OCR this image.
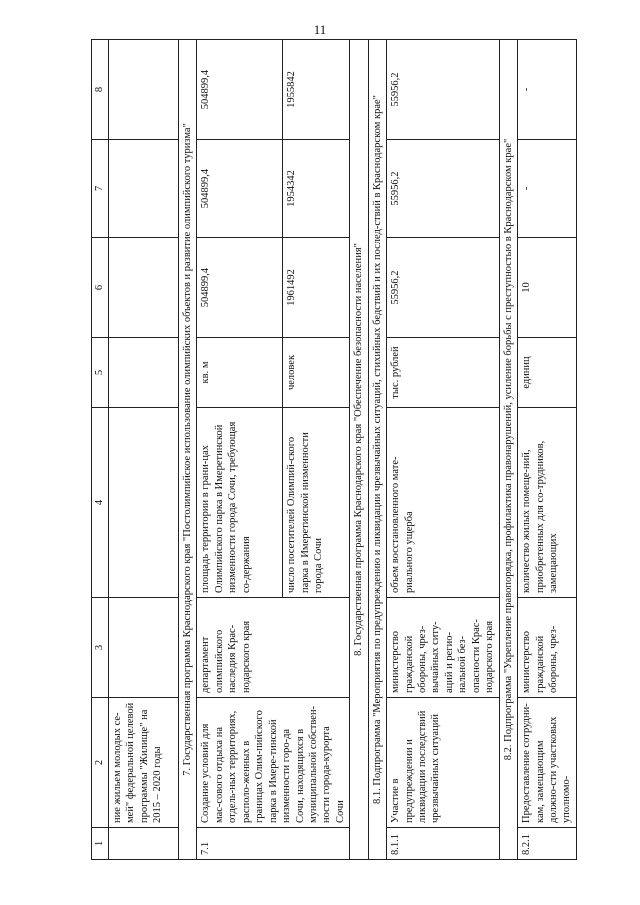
11
1	2	3	4	5	6	7	8
	ние жильем молодых се-мей" федеральной целевой программы "Жилище" на 2015 – 2020 годы						
7. Государственная программа Краснодарского края "Постолимпийское использование олимпийских объектов и развитие олимпийского туризма"							
7.1	Создание условий для мас-сового отдыха на отдель-ных территориях, располо-женных в границах Олим-пийского парка в Имере-тинской низменности горо-да Сочи, находящихся в муниципальной собствен-ности города-курорта Сочи	департамент олимпийского наследия Крас-нодарского края	площадь территории в грани-цах Олимпийского парка в Имеретинской низменности города Сочи, требующая со-держания	кв. м	504899,4	504899,4	504899,4
			число посетителей Олимпий-ского парка в Имеретинской низменности города Сочи	человек	1961492	1954342	1955842
8. Государственная программа Краснодарского края "Обеспечение безопасности населения"							
8.1. Подпрограмма "Мероприятия по предупреждению и ликвидации чрезвычайных ситуаций, стихийных бедствий и их послед-ствий в Краснодарском крае"							
8.1.1	Участие в предупреждении и ликвидации последствий чрезвычайных ситуаций	министерство гражданской обороны, чрез-вычайных ситу-аций и регио-нальной без-опасности Крас-нодарского края	объем восстановленного мате-риального ущерба	тыс. рублей	55956,2	55956,2	55956,2
8.2. Подпрограмма "Укрепление правопорядка, профилактика правонарушений, усиление борьбы с преступностью в Краснодарском крае"							
8.2.1	Предоставление сотрудни-кам, замещающим должно-сти участковых уполномо-	министерство гражданской обороны, чрез-	количество жилых помеще-ний, приобретенных для со-трудников, замещающих	единиц	10	-	-
